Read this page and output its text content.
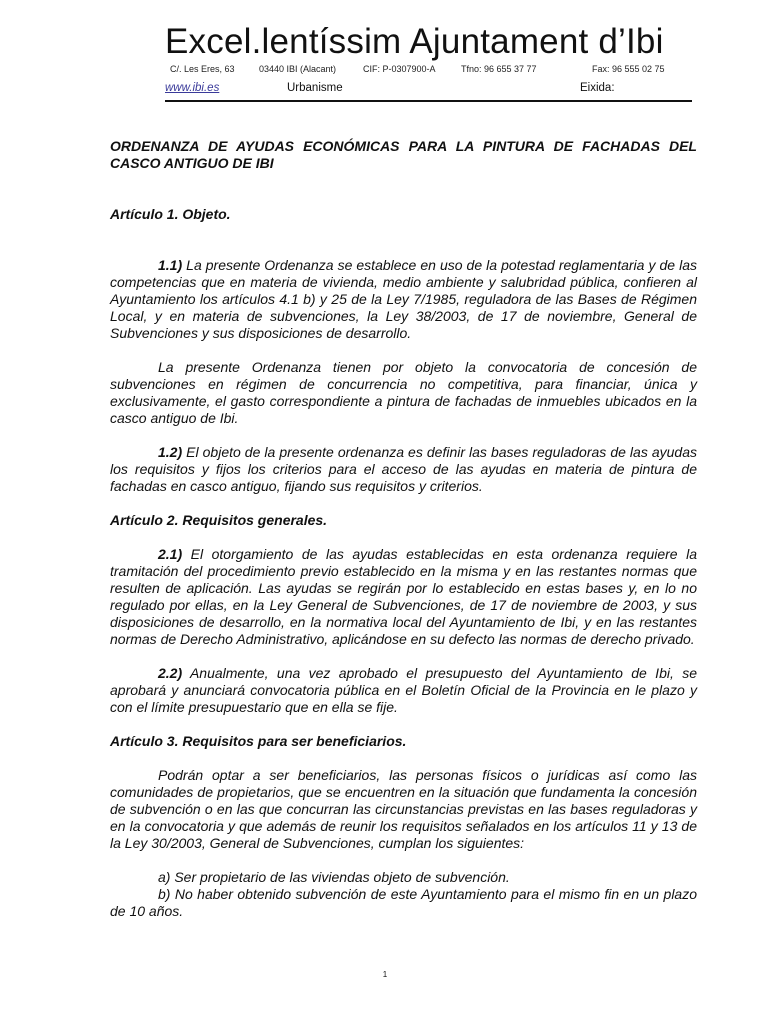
Excel.lentíssim Ajuntament d’Ibi
C/. Les Eres, 63	03440 IBI (Alacant)	CIF: P-0307900-A	Tfno: 96 655 37 77	Fax: 96 555 02 75
www.ibi.es	Urbanisme	Eixida:

ORDENANZA DE AYUDAS ECONÓMICAS PARA LA PINTURA DE FACHADAS DEL CASCO ANTIGUO DE IBI

Artículo 1. Objeto.

1.1) La presente Ordenanza se establece en uso de la potestad reglamentaria y de las competencias que en materia de vivienda, medio ambiente y salubridad pública, confieren al Ayuntamiento los artículos 4.1 b) y 25 de la Ley 7/1985, reguladora de las Bases de Régimen Local, y en materia de subvenciones, la Ley 38/2003, de 17 de noviembre, General de Subvenciones y sus disposiciones de desarrollo.

La presente Ordenanza tienen por objeto la convocatoria de concesión de subvenciones en régimen de concurrencia no competitiva, para financiar, única y exclusivamente, el gasto correspondiente a pintura de fachadas de inmuebles ubicados en la casco antiguo de Ibi.

1.2) El objeto de la presente ordenanza es definir las bases reguladoras de las ayudas los requisitos y fijos los criterios para el acceso de las ayudas en materia de pintura de fachadas en casco antiguo, fijando sus requisitos y criterios.

Artículo 2. Requisitos generales.

2.1) El otorgamiento de las ayudas establecidas en esta ordenanza requiere la tramitación del procedimiento previo establecido en la misma y en las restantes normas que resulten de aplicación. Las ayudas se regirán por lo establecido en estas bases y, en lo no regulado por ellas, en la Ley General de Subvenciones, de 17 de noviembre de 2003, y sus disposiciones de desarrollo, en la normativa local del Ayuntamiento de Ibi, y en las restantes normas de Derecho Administrativo, aplicándose en su defecto las normas de derecho privado.

2.2) Anualmente, una vez aprobado el presupuesto del Ayuntamiento de Ibi, se aprobará y anunciará convocatoria pública en el Boletín Oficial de la Provincia en le plazo y con el límite presupuestario que en ella se fije.

Artículo 3. Requisitos para ser beneficiarios.

Podrán optar a ser beneficiarios, las personas físicos o jurídicas así como las comunidades de propietarios, que se encuentren en la situación que fundamenta la concesión de subvención o en las que concurran las circunstancias previstas en las bases reguladoras y en la convocatoria y que además de reunir los requisitos señalados en los artículos 11 y 13 de la Ley 30/2003, General de Subvenciones, cumplan los siguientes:

a) Ser propietario de las viviendas objeto de subvención.

b) No haber obtenido subvención de este Ayuntamiento para el mismo fin en un plazo de 10 años.

1
